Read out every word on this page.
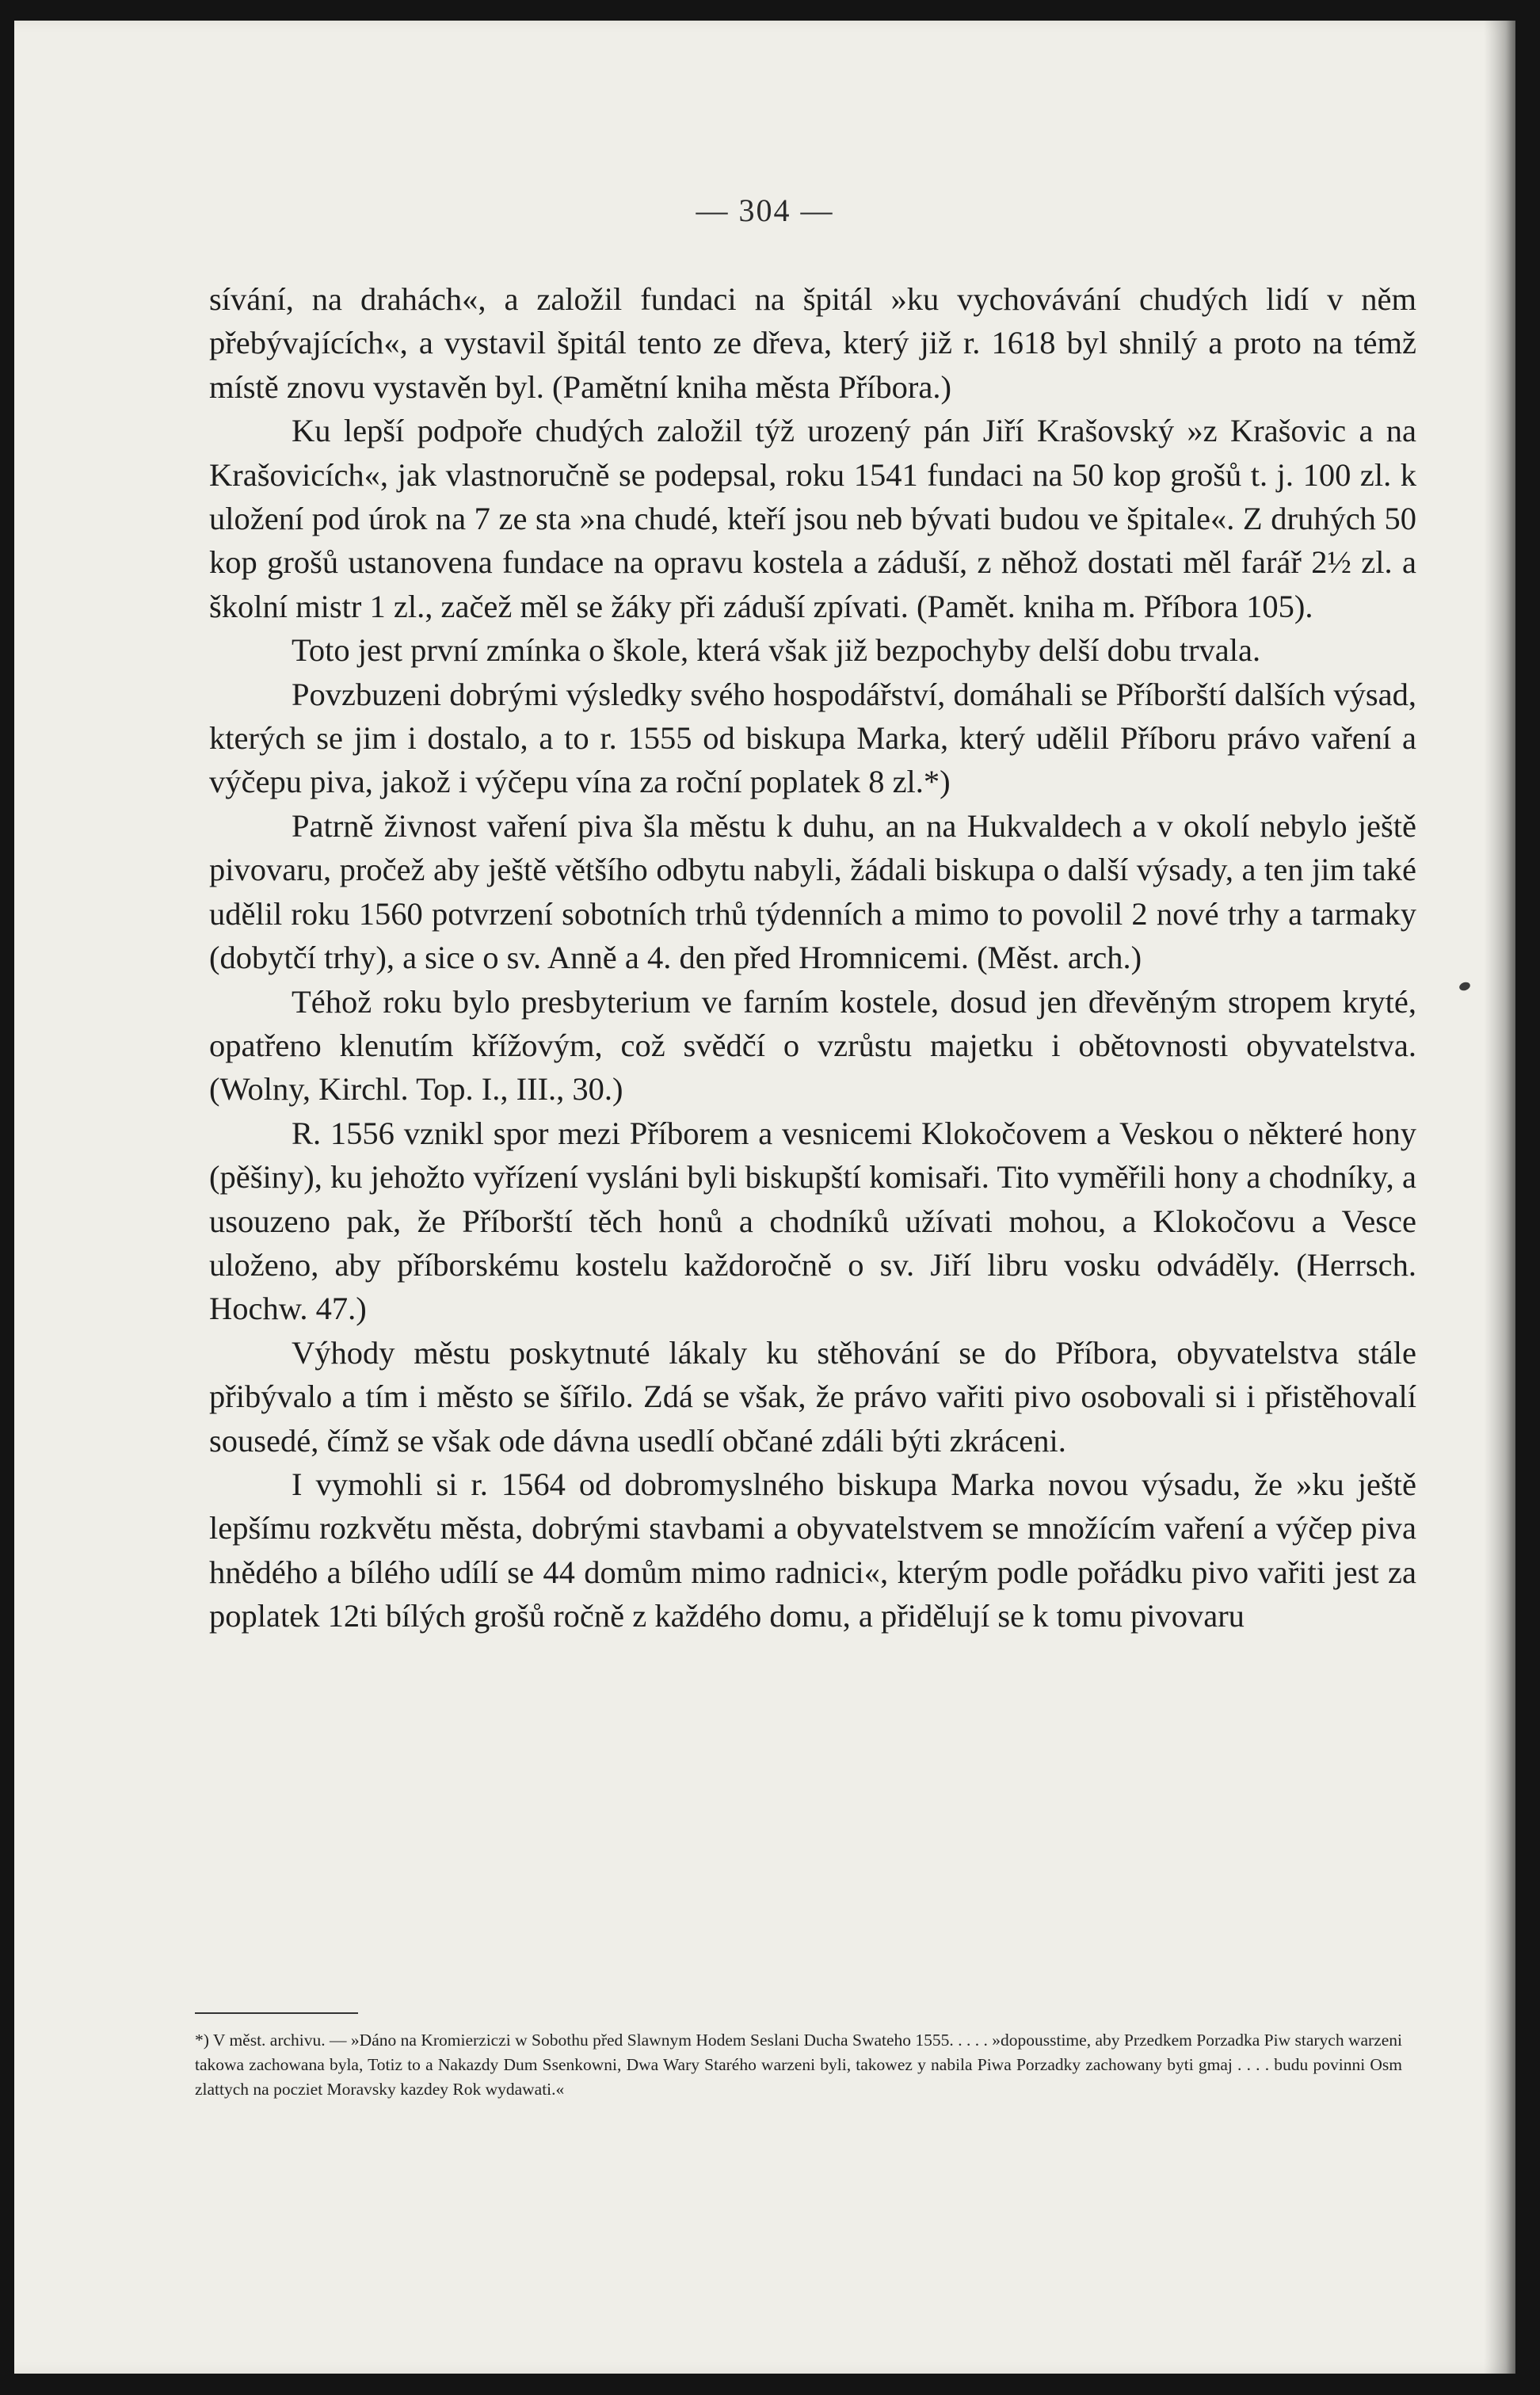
— 304 —

sívání, na drahách«, a založil fundaci na špitál »ku vychovávání chudých lidí v něm přebývajících«, a vystavil špitál tento ze dřeva, který již r. 1618 byl shnilý a proto na témž místě znovu vystavěn byl. (Pamětní kniha města Příbora.)

Ku lepší podpoře chudých založil týž urozený pán Jiří Krašovský »z Krašovic a na Krašovicích«, jak vlastnoručně se podepsal, roku 1541 fundaci na 50 kop grošů t. j. 100 zl. k uložení pod úrok na 7 ze sta »na chudé, kteří jsou neb bývati budou ve špitale«. Z druhých 50 kop grošů ustanovena fundace na opravu kostela a záduší, z něhož dostati měl farář 2½ zl. a školní mistr 1 zl., začež měl se žáky při záduší zpívati. (Pamět. kniha m. Příbora 105).

Toto jest první zmínka o škole, která však již bezpochyby delší dobu trvala.

Povzbuzeni dobrými výsledky svého hospodářství, domáhali se Příborští dalších výsad, kterých se jim i dostalo, a to r. 1555 od biskupa Marka, který udělil Příboru právo vaření a výčepu piva, jakož i výčepu vína za roční poplatek 8 zl.*)

Patrně živnost vaření piva šla městu k duhu, an na Hukvaldech a v okolí nebylo ještě pivovaru, pročež aby ještě většího odbytu nabyli, žádali biskupa o další výsady, a ten jim také udělil roku 1560 potvrzení sobotních trhů týdenních a mimo to povolil 2 nové trhy a tarmaky (dobytčí trhy), a sice o sv. Anně a 4. den před Hromnicemi. (Měst. arch.)

Téhož roku bylo presbyterium ve farním kostele, dosud jen dřevěným stropem kryté, opatřeno klenutím křížovým, což svědčí o vzrůstu majetku i obětovnosti obyvatelstva. (Wolny, Kirchl. Top. I., III., 30.)

R. 1556 vznikl spor mezi Příborem a vesnicemi Klokočovem a Veskou o některé hony (pěšiny), ku jehožto vyřízení vysláni byli biskupští komisaři. Tito vyměřili hony a chodníky, a usouzeno pak, že Příborští těch honů a chodníků užívati mohou, a Klokočovu a Vesce uloženo, aby příborskému kostelu každoročně o sv. Jiří libru vosku odváděly. (Herrsch. Hochw. 47.)

Výhody městu poskytnuté lákaly ku stěhování se do Příbora, obyvatelstva stále přibývalo a tím i město se šířilo. Zdá se však, že právo vařiti pivo osobovali si i přistěhovalí sousedé, čímž se však ode dávna usedlí občané zdáli býti zkráceni.

I vymohli si r. 1564 od dobromyslného biskupa Marka novou výsadu, že »ku ještě lepšímu rozkvětu města, dobrými stavbami a obyvatelstvem se množícím vaření a výčep piva hnědého a bílého udílí se 44 domům mimo radnici«, kterým podle pořádku pivo vařiti jest za poplatek 12ti bílých grošů ročně z každého domu, a přidělují se k tomu pivovaru

*) V měst. archivu. — »Dáno na Kromierziczi w Sobothu před Slawnym Hodem Seslani Ducha Swateho 1555. . . . . »dopousstime, aby Przedkem Porzadka Piw starych warzeni takowa zachowana byla, Totiz to a Nakazdy Dum Ssenkowni, Dwa Wary Starého warzeni byli, takowez y nabila Piwa Porzadky zachowany byti gmaj . . . . budu povinni Osm zlattych na pocziet Moravsky kazdey Rok wydawati.«
